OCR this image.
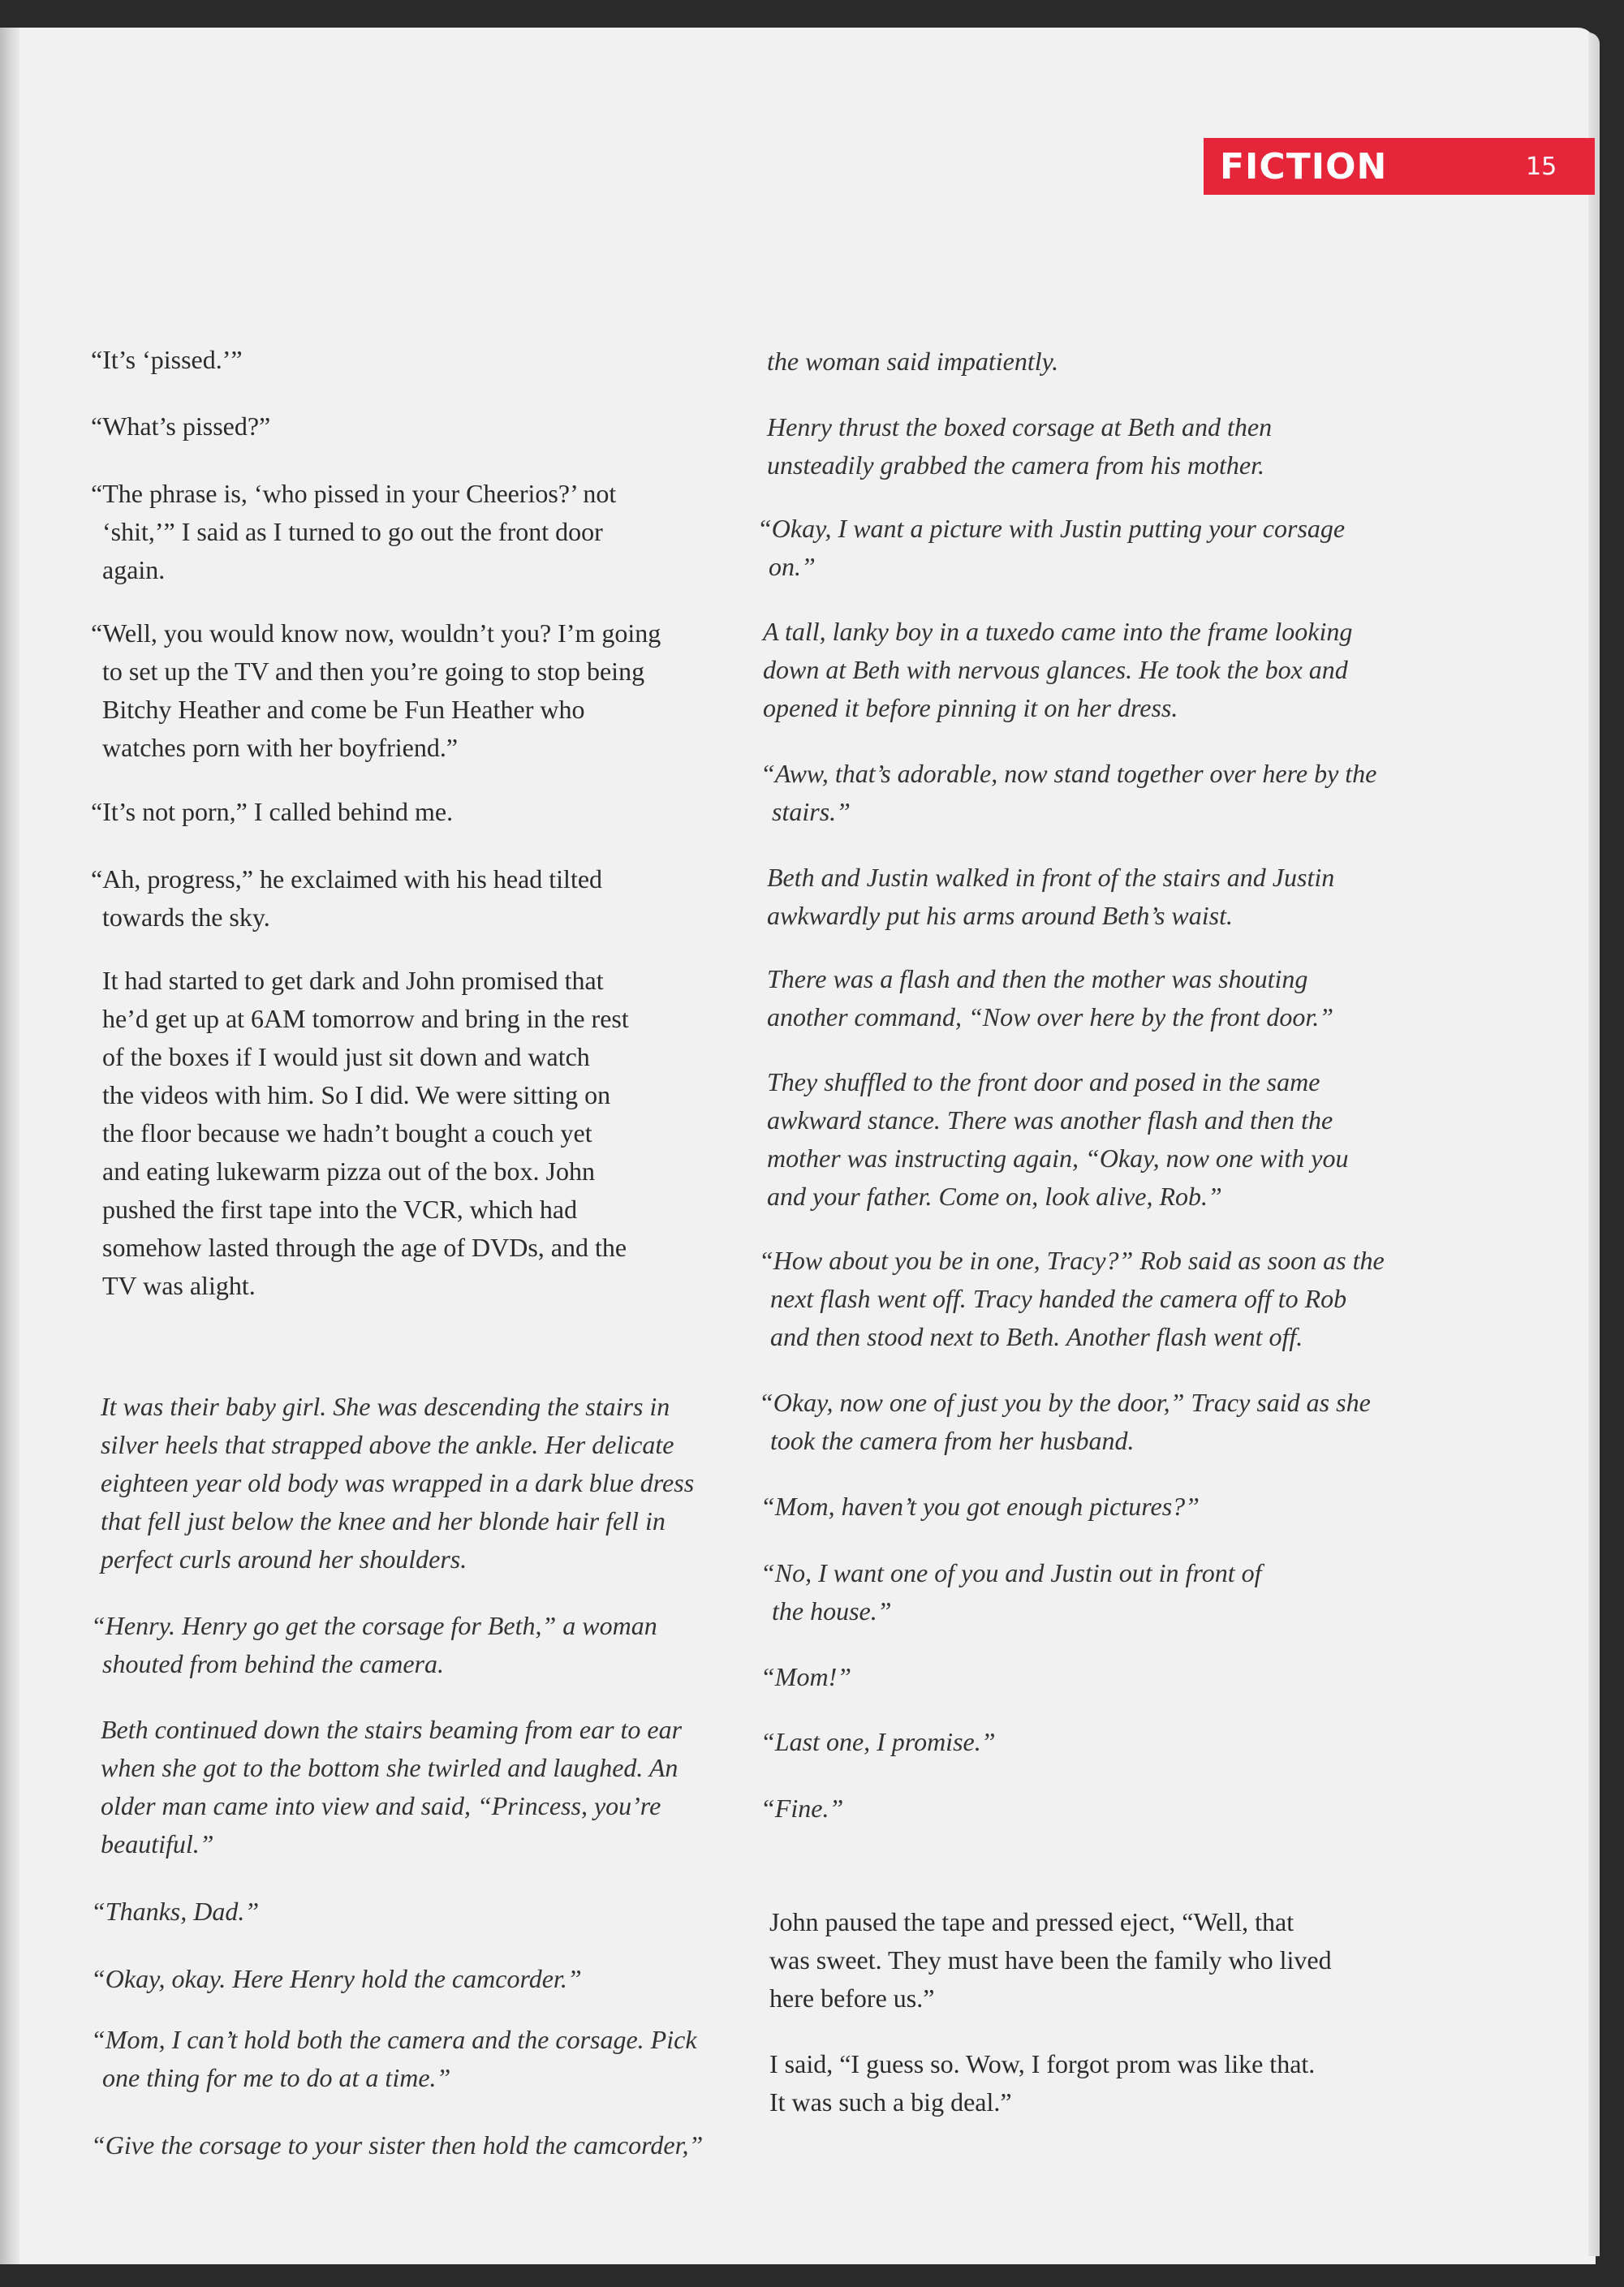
FICTION	15
“It’s ‘pissed.’”
“What’s pissed?”
“The phrase is, ‘who pissed in your Cheerios?’ not
‘shit,’” I said as I turned to go out the front door
again.
“Well, you would know now, wouldn’t you? I’m going
to set up the TV and then you’re going to stop being
Bitchy Heather and come be Fun Heather who
watches porn with her boyfriend.”
“It’s not porn,” I called behind me.
“Ah, progress,” he exclaimed with his head tilted
towards the sky.
It had started to get dark and John promised that
he’d get up at 6AM tomorrow and bring in the rest
of the boxes if I would just sit down and watch
the videos with him. So I did. We were sitting on
the floor because we hadn’t bought a couch yet
and eating lukewarm pizza out of the box. John
pushed the first tape into the VCR, which had
somehow lasted through the age of DVDs, and the
TV was alight.
It was their baby girl. She was descending the stairs in
silver heels that strapped above the ankle. Her delicate
eighteen year old body was wrapped in a dark blue dress
that fell just below the knee and her blonde hair fell in
perfect curls around her shoulders.
“Henry. Henry go get the corsage for Beth,” a woman
shouted from behind the camera.
Beth continued down the stairs beaming from ear to ear
when she got to the bottom she twirled and laughed. An
older man came into view and said, “Princess, you’re
beautiful.”
“Thanks, Dad.”
“Okay, okay. Here Henry hold the camcorder.”
“Mom, I can’t hold both the camera and the corsage. Pick
one thing for me to do at a time.”
“Give the corsage to your sister then hold the camcorder,”
the woman said impatiently.
Henry thrust the boxed corsage at Beth and then
unsteadily grabbed the camera from his mother.
“Okay, I want a picture with Justin putting your corsage
on.”
A tall, lanky boy in a tuxedo came into the frame looking
down at Beth with nervous glances. He took the box and
opened it before pinning it on her dress.
“Aww, that’s adorable, now stand together over here by the
stairs.”
Beth and Justin walked in front of the stairs and Justin
awkwardly put his arms around Beth’s waist.
There was a flash and then the mother was shouting
another command, “Now over here by the front door.”
They shuffled to the front door and posed in the same
awkward stance. There was another flash and then the
mother was instructing again, “Okay, now one with you
and your father. Come on, look alive, Rob.”
“How about you be in one, Tracy?” Rob said as soon as the
next flash went off. Tracy handed the camera off to Rob
and then stood next to Beth. Another flash went off.
“Okay, now one of just you by the door,” Tracy said as she
took the camera from her husband.
“Mom, haven’t you got enough pictures?”
“No, I want one of you and Justin out in front of
the house.”
“Mom!”
“Last one, I promise.”
“Fine.”
John paused the tape and pressed eject, “Well, that
was sweet. They must have been the family who lived
here before us.”
I said, “I guess so. Wow, I forgot prom was like that.
It was such a big deal.”
